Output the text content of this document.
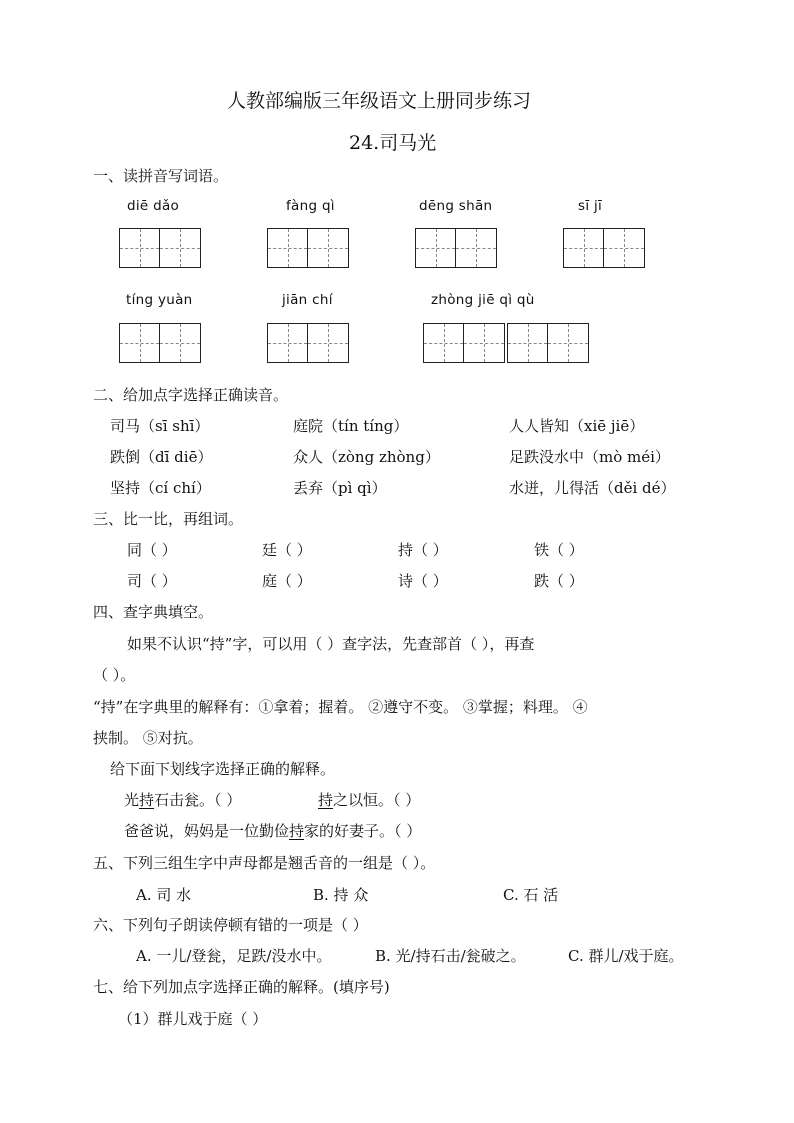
人教部编版三年级语文上册同步练习
24.司马光
一、读拼音写词语。
diē dǎo	fàng qì	dēng shān	sī jī
tíng yuàn	jiān chí	zhòng jiē qì qù
二、给加点字选择正确读音。
司马（sī shī）	庭院（tín tíng）	人人皆知（xiē jiē）
跌倒（dī diē）	众人（zòng zhòng）	足跌没水中（mò méi）
坚持（cí chí）	丢弃（pì qì）	水迸，儿得活（děi dé）
三、比一比，再组词。
同（ ）	廷（ ）	持（ ）	铁（ ）
司（ ）	庭（ ）	诗（ ）	跌（ ）
四、查字典填空。
如果不认识“持”字，可以用（ ）查字法，先查部首（ ），再查
（ ）。
“持”在字典里的解释有：①拿着；握着。 ②遵守不变。 ③掌握；料理。 ④
挟制。 ⑤对抗。
给下面下划线字选择正确的解释。
光持石击瓮。（ ）	持之以恒。（ ）
爸爸说，妈妈是一位勤俭持家的好妻子。（ ）
五、下列三组生字中声母都是翘舌音的一组是（ ）。
A. 司 水	B. 持 众	C. 石 活
六、下列句子朗读停顿有错的一项是（ ）
A. 一儿/登瓮，足跌/没水中。	B. 光/持石击/瓮破之。	C. 群儿/戏于庭。
七、给下列加点字选择正确的解释。(填序号)
（1）群儿戏于庭（ ）
